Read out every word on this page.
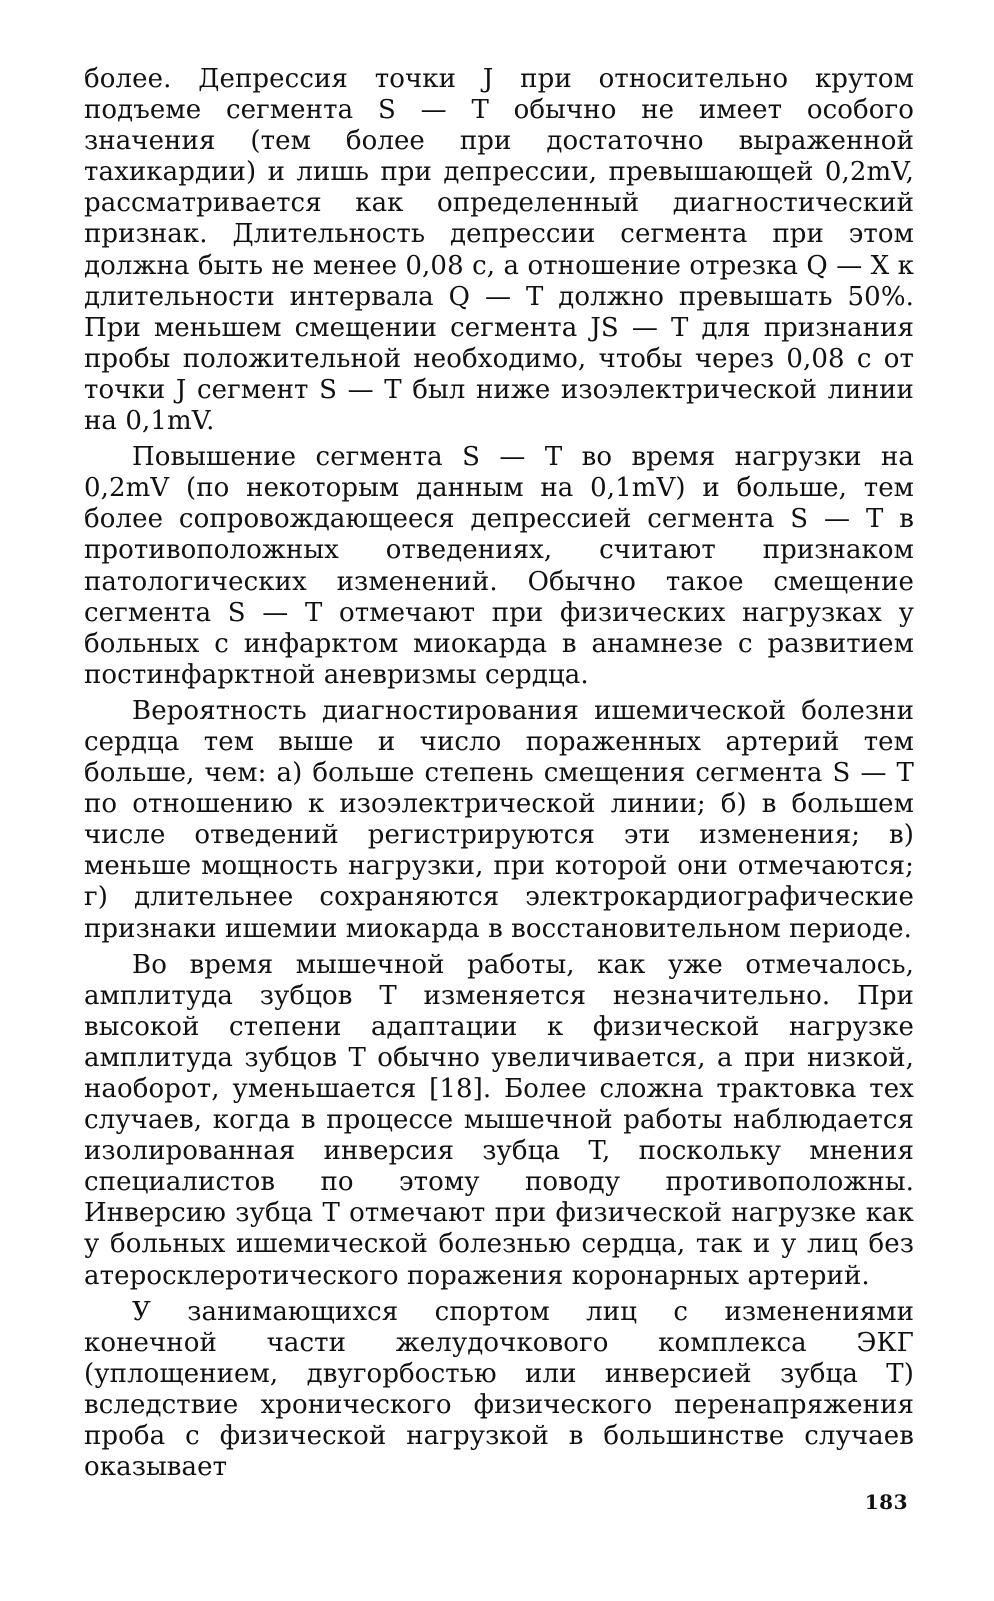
более. Депрессия точки J при относительно крутом подъеме сегмента S — T обычно не имеет особого значения (тем более при достаточно выраженной тахикардии) и лишь при депрессии, превышающей 0,2mV, рассматривается как определенный диагностический признак. Длительность депрессии сегмента при этом должна быть не менее 0,08 с, а отношение отрезка Q — X к длительности интервала Q — T должно превышать 50%. При меньшем смещении сегмента JS — T для признания пробы положительной необходимо, чтобы через 0,08 с от точки J сегмент S — T был ниже изоэлектрической линии на 0,1mV.

Повышение сегмента S — T во время нагрузки на 0,2mV (по некоторым данным на 0,1mV) и больше, тем более сопровождающееся депрессией сегмента S — T в противоположных отведениях, считают признаком патологических изменений. Обычно такое смещение сегмента S — T отмечают при физических нагрузках у больных с инфарктом миокарда в анамнезе с развитием постинфарктной аневризмы сердца.

Вероятность диагностирования ишемической болезни сердца тем выше и число пораженных артерий тем больше, чем: а) больше степень смещения сегмента S — T по отношению к изоэлектрической линии; б) в большем числе отведений регистрируются эти изменения; в) меньше мощность нагрузки, при которой они отмечаются; г) длительнее сохраняются электрокардиографические признаки ишемии миокарда в восстановительном периоде.

Во время мышечной работы, как уже отмечалось, амплитуда зубцов T изменяется незначительно. При высокой степени адаптации к физической нагрузке амплитуда зубцов T обычно увеличивается, а при низкой, наоборот, уменьшается [18]. Более сложна трактовка тех случаев, когда в процессе мышечной работы наблюдается изолированная инверсия зубца T, поскольку мнения специалистов по этому поводу противоположны. Инверсию зубца T отмечают при физической нагрузке как у больных ишемической болезнью сердца, так и у лиц без атеросклеротического поражения коронарных артерий.

У занимающихся спортом лиц с изменениями конечной части желудочкового комплекса ЭКГ (уплощением, двугорбостью или инверсией зубца T) вследствие хронического физического перенапряжения проба с физической нагрузкой в большинстве случаев оказывает

183
